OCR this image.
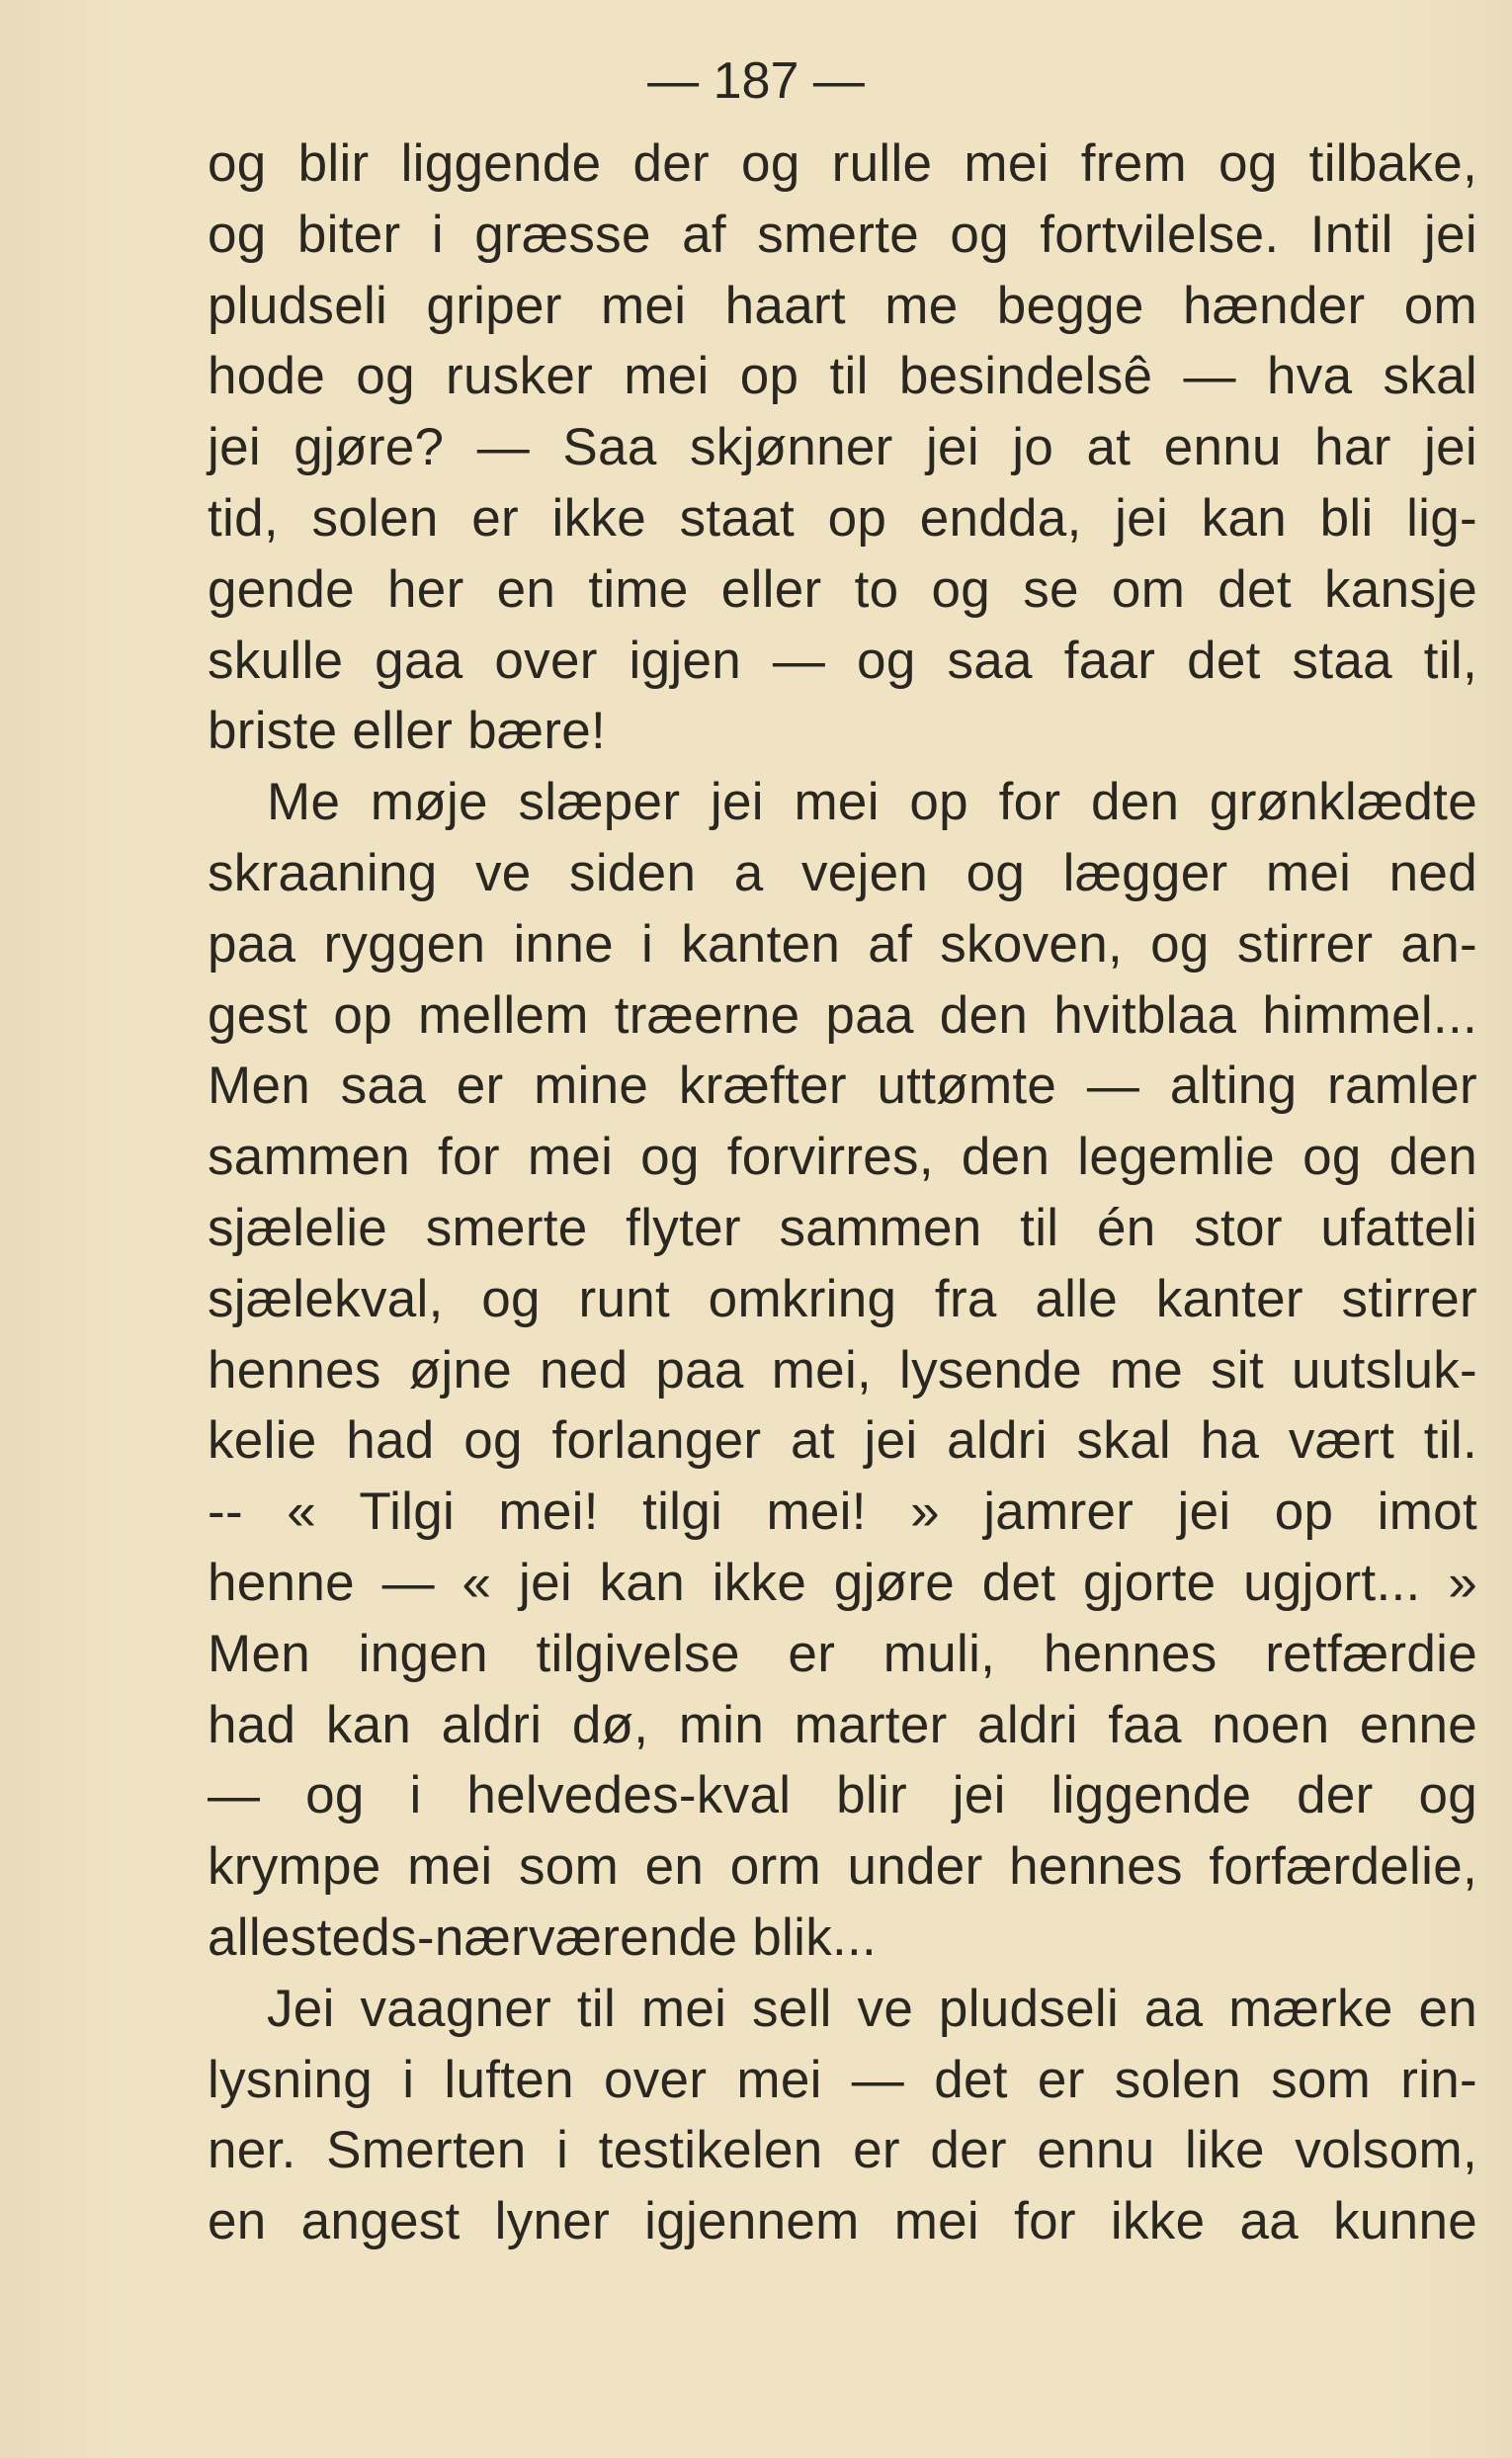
— 187 —
og blir liggende der og rulle mei frem og tilbake,
og biter i græsse af smerte og fortvilelse. Intil jei
pludseli griper mei haart me begge hænder om
hode og rusker mei op til besindelsê — hva skal
jei gjøre? — Saa skjønner jei jo at ennu har jei
tid, solen er ikke staat op endda, jei kan bli lig-
gende her en time eller to og se om det kansje
skulle gaa over igjen — og saa faar det staa til,
briste eller bære!
Me møje slæper jei mei op for den grønklædte
skraaning ve siden a vejen og lægger mei ned
paa ryggen inne i kanten af skoven, og stirrer an-
gest op mellem træerne paa den hvitblaa himmel...
Men saa er mine kræfter uttømte — alting ramler
sammen for mei og forvirres, den legemlie og den
sjælelie smerte flyter sammen til én stor ufatteli
sjælekval, og runt omkring fra alle kanter stirrer
hennes øjne ned paa mei, lysende me sit uutsluk-
kelie had og forlanger at jei aldri skal ha vært til.
-- « Tilgi mei! tilgi mei! » jamrer jei op imot
henne — « jei kan ikke gjøre det gjorte ugjort... »
Men ingen tilgivelse er muli, hennes retfærdie
had kan aldri dø, min marter aldri faa noen enne
— og i helvedes-kval blir jei liggende der og
krympe mei som en orm under hennes forfærdelie,
allesteds-nærværende blik...
Jei vaagner til mei sell ve pludseli aa mærke en
lysning i luften over mei — det er solen som rin-
ner. Smerten i testikelen er der ennu like volsom,
en angest lyner igjennem mei for ikke aa kunne
